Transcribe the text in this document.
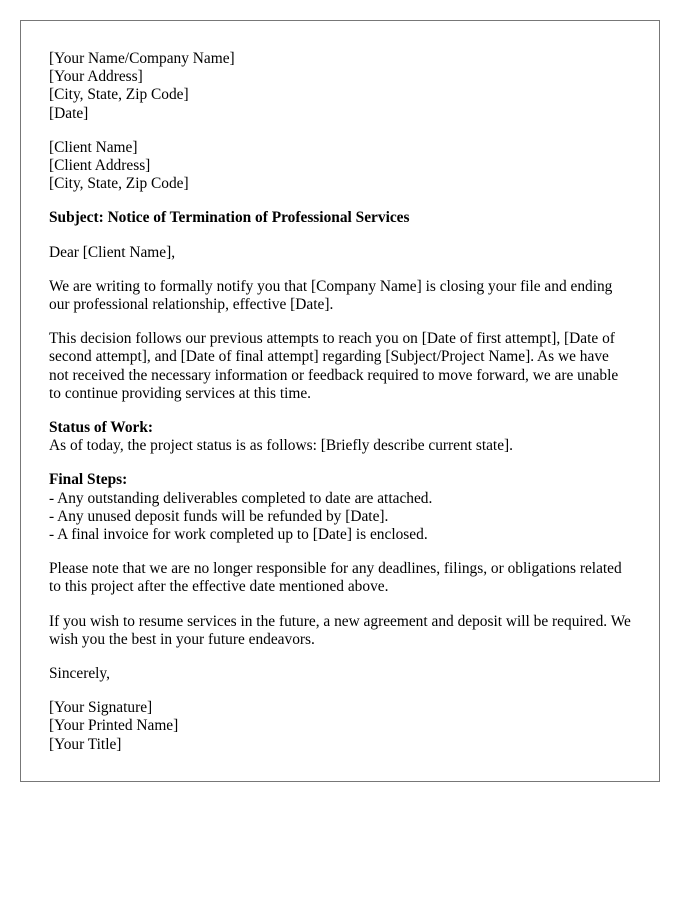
[Your Name/Company Name]
[Your Address]
[City, State, Zip Code]
[Date]
[Client Name]
[Client Address]
[City, State, Zip Code]

Subject: Notice of Termination of Professional Services

Dear [Client Name],

We are writing to formally notify you that [Company Name] is closing your file and ending our professional relationship, effective [Date].

This decision follows our previous attempts to reach you on [Date of first attempt], [Date of second attempt], and [Date of final attempt] regarding [Subject/Project Name]. As we have not received the necessary information or feedback required to move forward, we are unable to continue providing services at this time.

Status of Work:
As of today, the project status is as follows: [Briefly describe current state].
Final Steps:
- Any outstanding deliverables completed to date are attached.
- Any unused deposit funds will be refunded by [Date].
- A final invoice for work completed up to [Date] is enclosed.

Please note that we are no longer responsible for any deadlines, filings, or obligations related to this project after the effective date mentioned above.

If you wish to resume services in the future, a new agreement and deposit will be required. We wish you the best in your future endeavors.

Sincerely,

[Your Signature]
[Your Printed Name]
[Your Title]
